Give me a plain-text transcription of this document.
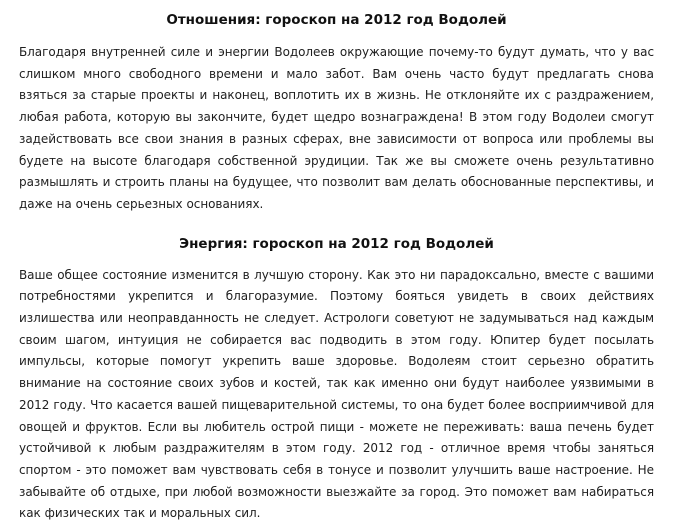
Отношения: гороскоп на 2012 год Водолей

Благодаря внутренней силе и энергии Водолеев окружающие почему-то будут думать, что у вас слишком много свободного времени и мало забот. Вам очень часто будут предлагать снова взяться за старые проекты и наконец, воплотить их в жизнь. Не отклоняйте их с раздражением, любая работа, которую вы закончите, будет щедро вознаграждена! В этом году Водолеи смогут задействовать все свои знания в разных сферах, вне зависимости от вопроса или проблемы вы будете на высоте благодаря собственной эрудиции. Так же вы сможете очень результативно размышлять и строить планы на будущее, что позволит вам делать обоснованные перспективы, и даже на очень серьезных основаниях.

Энергия: гороскоп на 2012 год Водолей

Ваше общее состояние изменится в лучшую сторону. Как это ни парадоксально, вместе с вашими потребностями укрепится и благоразумие. Поэтому бояться увидеть в своих действиях излишества или неоправданность не следует. Астрологи советуют не задумываться над каждым своим шагом, интуиция не собирается вас подводить в этом году. Юпитер будет посылать импульсы, которые помогут укрепить ваше здоровье. Водолеям стоит серьезно обратить внимание на состояние своих зубов и костей, так как именно они будут наиболее уязвимыми в 2012 году. Что касается вашей пищеварительной системы, то она будет более восприимчивой для овощей и фруктов. Если вы любитель острой пищи - можете не переживать: ваша печень будет устойчивой к любым раздражителям в этом году. 2012 год - отличное время чтобы заняться спортом - это поможет вам чувствовать себя в тонусе и позволит улучшить ваше настроение. Не забывайте об отдыхе, при любой возможности выезжайте за город. Это поможет вам набираться как физических так и моральных сил.
